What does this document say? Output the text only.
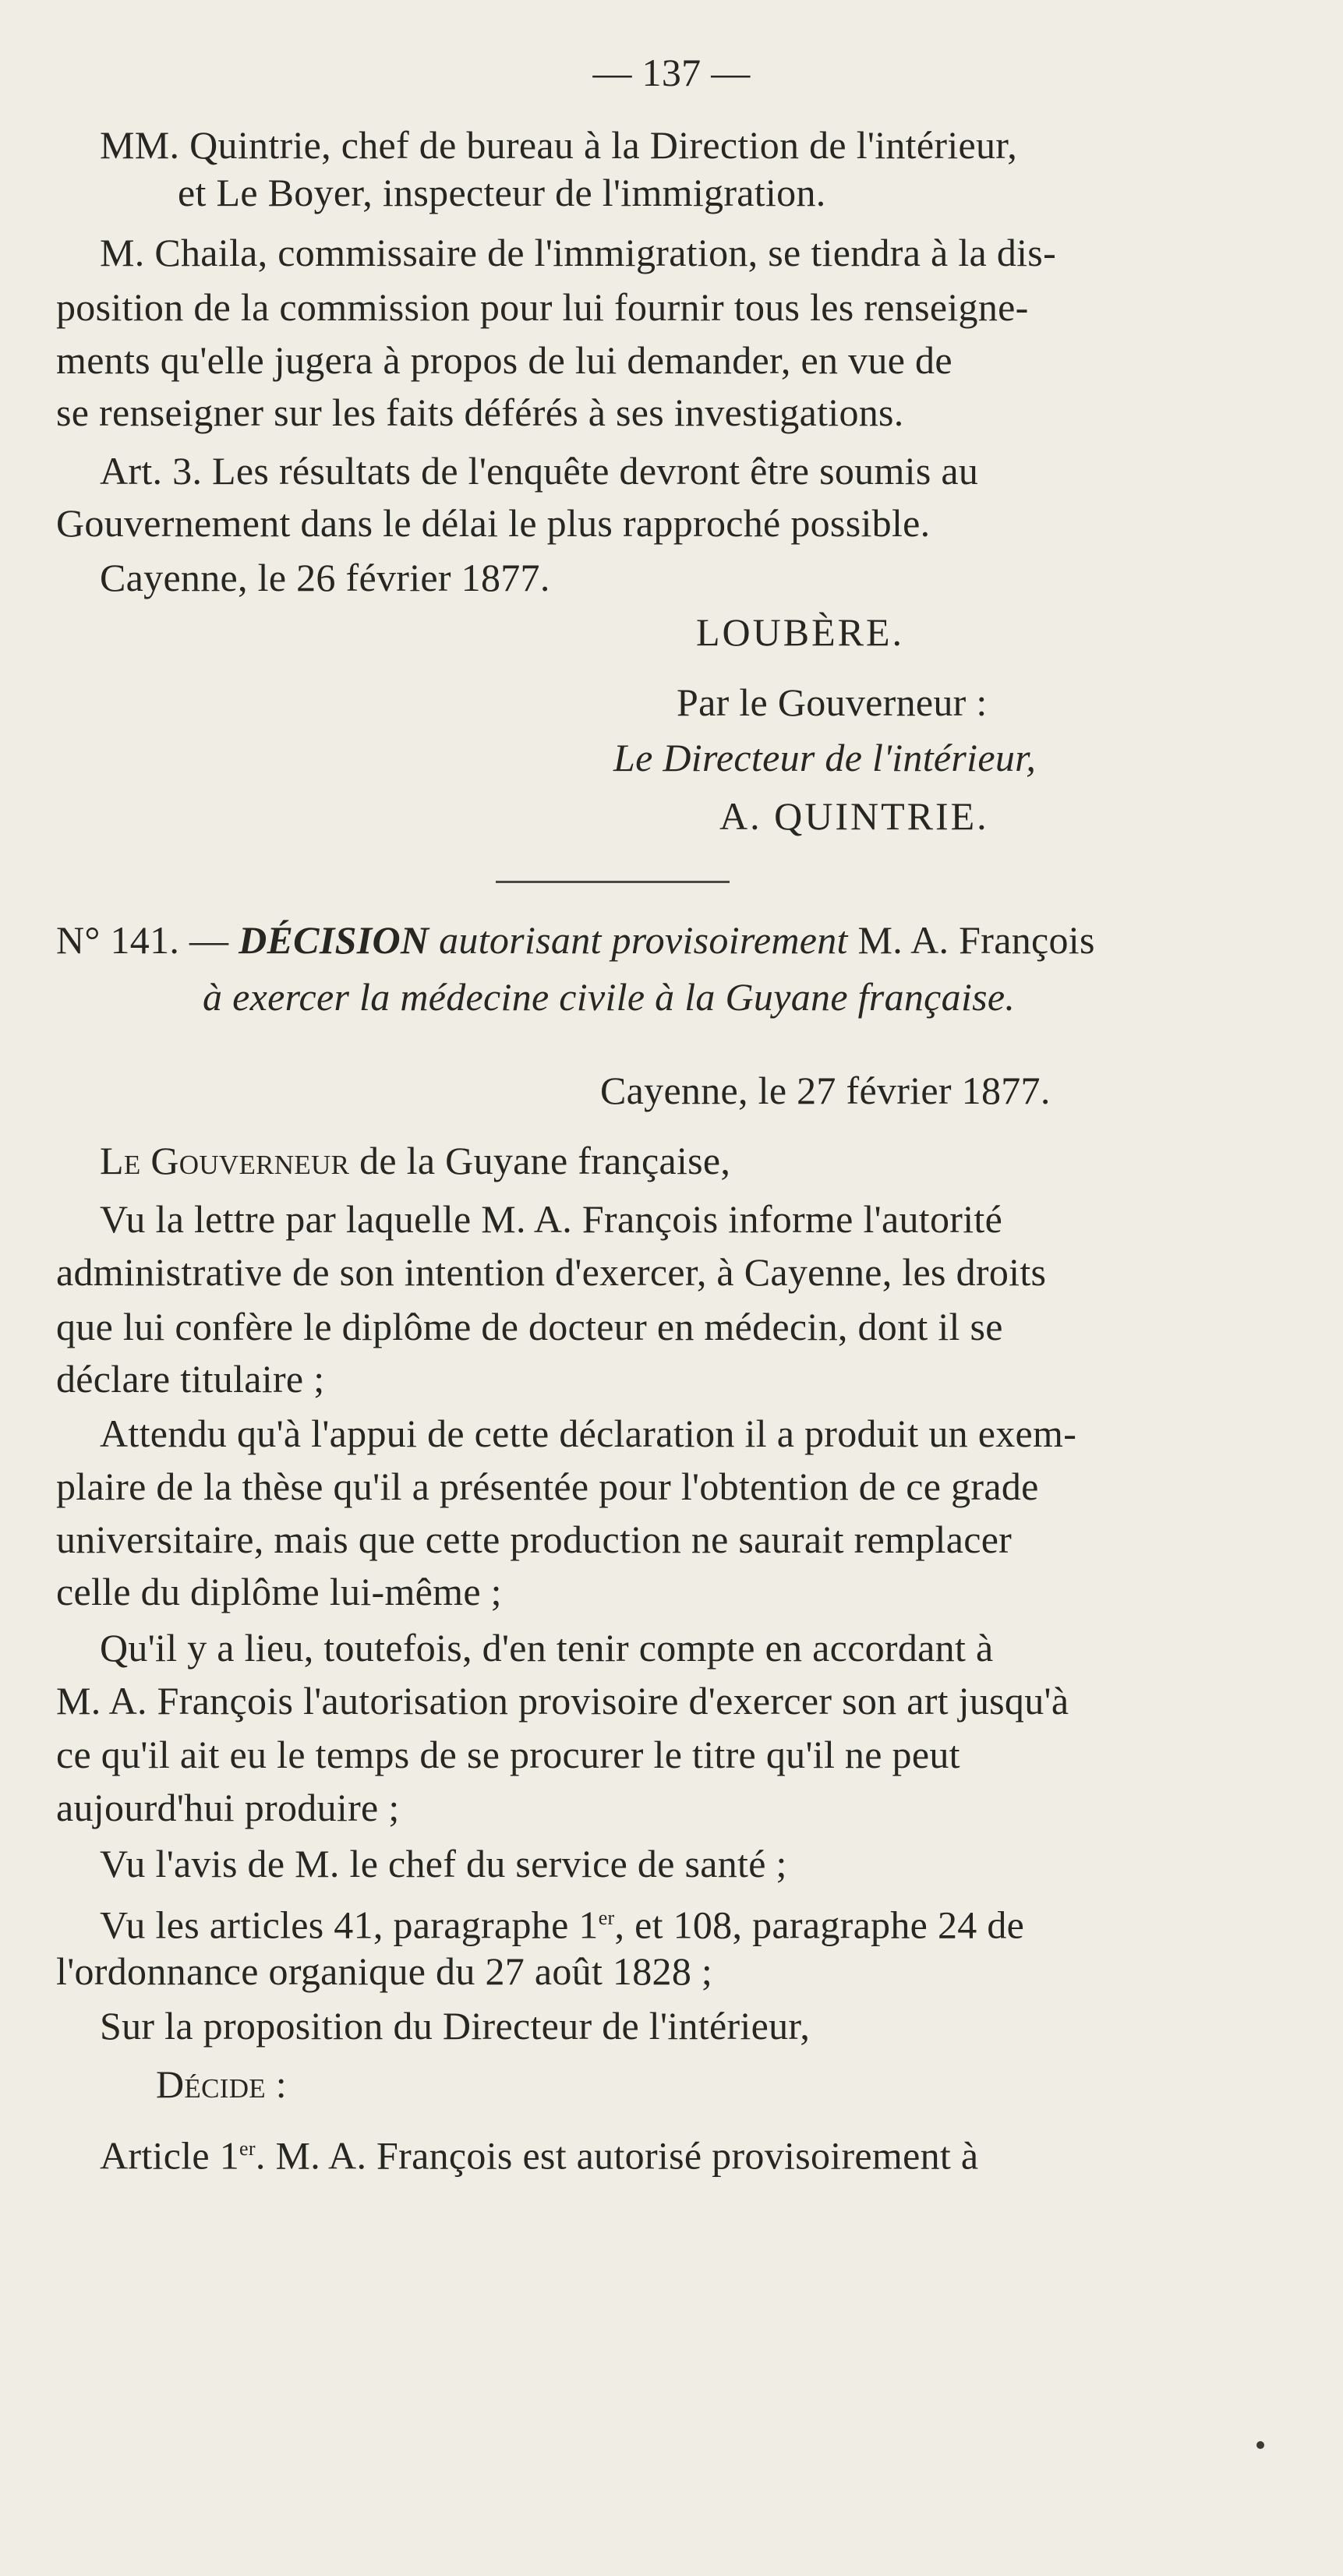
— 137 —
MM. Quintrie, chef de bureau à la Direction de l'intérieur,
et Le Boyer, inspecteur de l'immigration.
M. Chaila, commissaire de l'immigration, se tiendra à la dis-
position de la commission pour lui fournir tous les renseigne-
ments qu'elle jugera à propos de lui demander, en vue de
se renseigner sur les faits déférés à ses investigations.
Art. 3. Les résultats de l'enquête devront être soumis au
Gouvernement dans le délai le plus rapproché possible.
Cayenne, le 26 février 1877.
LOUBÈRE.
Par le Gouverneur :
Le Directeur de l'intérieur,
A. QUINTRIE.
N° 141. — DÉCISION autorisant provisoirement M. A. François
à exercer la médecine civile à la Guyane française.
Cayenne, le 27 février 1877.
Le Gouverneur de la Guyane française,
Vu la lettre par laquelle M. A. François informe l'autorité
administrative de son intention d'exercer, à Cayenne, les droits
que lui confère le diplôme de docteur en médecin, dont il se
déclare titulaire ;
Attendu qu'à l'appui de cette déclaration il a produit un exem-
plaire de la thèse qu'il a présentée pour l'obtention de ce grade
universitaire, mais que cette production ne saurait remplacer
celle du diplôme lui-même ;
Qu'il y a lieu, toutefois, d'en tenir compte en accordant à
M. A. François l'autorisation provisoire d'exercer son art jusqu'à
ce qu'il ait eu le temps de se procurer le titre qu'il ne peut
aujourd'hui produire ;
Vu l'avis de M. le chef du service de santé ;
Vu les articles 41, paragraphe 1er, et 108, paragraphe 24 de
l'ordonnance organique du 27 août 1828 ;
Sur la proposition du Directeur de l'intérieur,
Décide :
Article 1er. M. A. François est autorisé provisoirement à
